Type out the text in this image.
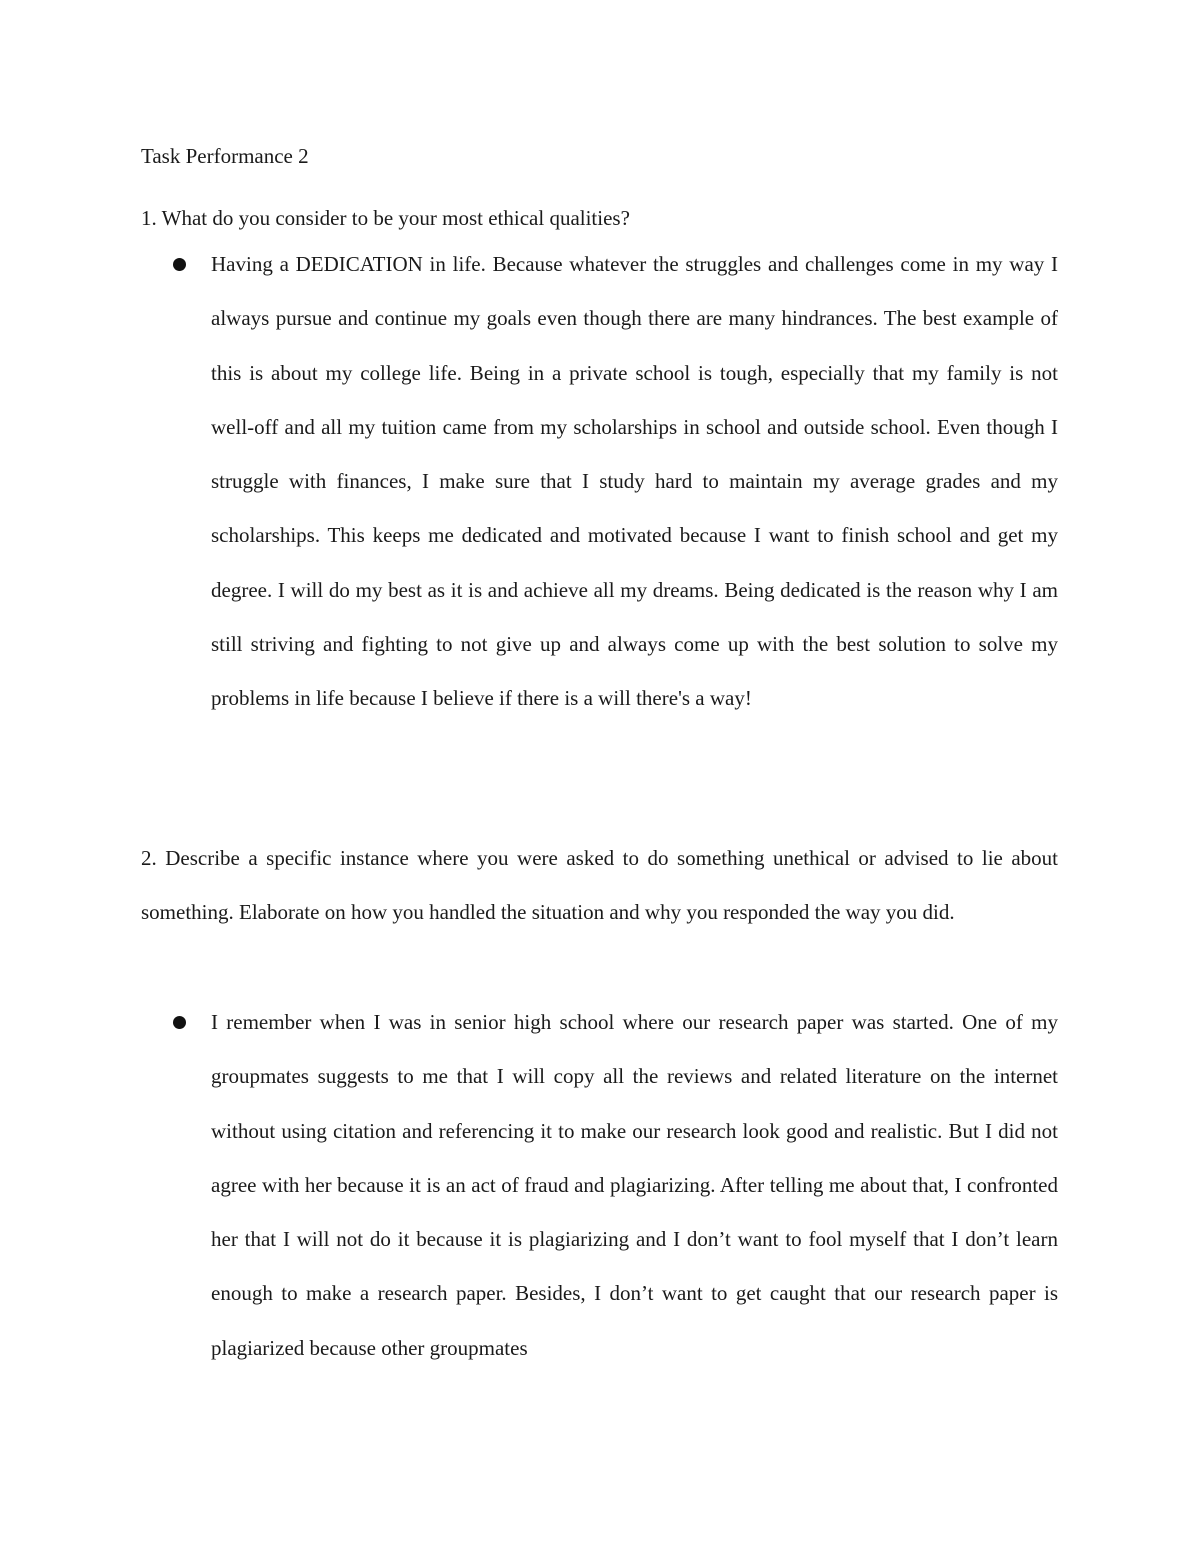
Task Performance 2
1. What do you consider to be your most ethical qualities?
Having a DEDICATION in life. Because whatever the struggles and challenges come in my way I always pursue and continue my goals even though there are many hindrances. The best example of this is about my college life. Being in a private school is tough, especially that my family is not well-off and all my tuition came from my scholarships in school and outside school. Even though I struggle with finances, I make sure that I study hard to maintain my average grades and my scholarships. This keeps me dedicated and motivated because I want to finish school and get my degree. I will do my best as it is and achieve all my dreams. Being dedicated is the reason why I am still striving and fighting to not give up and always come up with the best solution to solve my problems in life because I believe if there is a will there's a way!
2. Describe a specific instance where you were asked to do something unethical or advised to lie about something. Elaborate on how you handled the situation and why you responded the way you did.
I remember when I was in senior high school where our research paper was started. One of my groupmates suggests to me that I will copy all the reviews and related literature on the internet without using citation and referencing it to make our research look good and realistic. But I did not agree with her because it is an act of fraud and plagiarizing. After telling me about that, I confronted her that I will not do it because it is plagiarizing and I don’t want to fool myself that I don’t learn enough to make a research paper. Besides, I don’t want to get caught that our research paper is plagiarized because other groupmates
